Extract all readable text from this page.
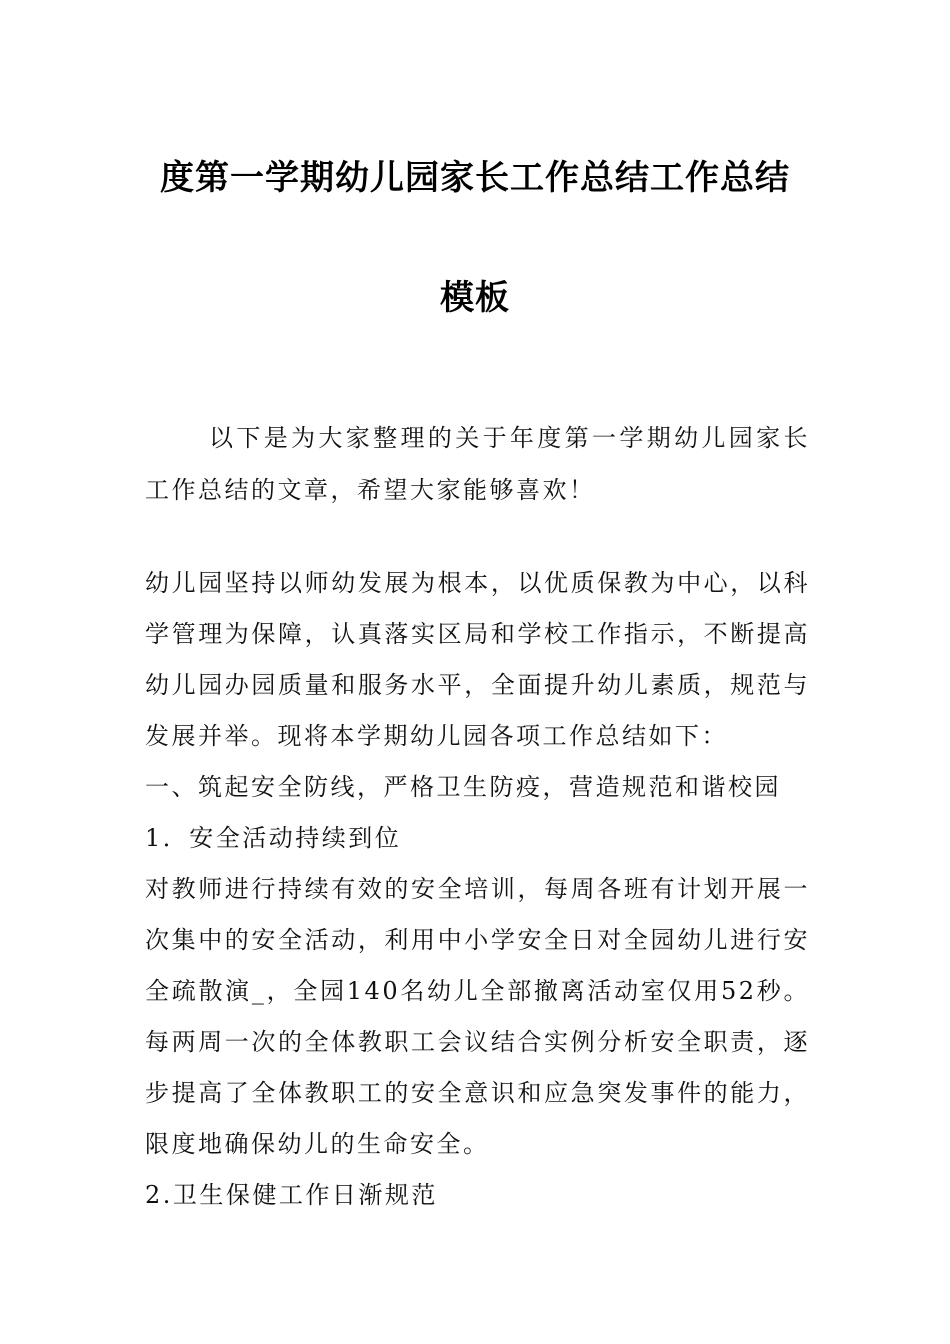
度第一学期幼儿园家长工作总结工作总结
模板
以下是为大家整理的关于年度第一学期幼儿园家长工作总结的文章，希望大家能够喜欢！

幼儿园坚持以师幼发展为根本，以优质保教为中心，以科学管理为保障，认真落实区局和学校工作指示，不断提高幼儿园办园质量和服务水平，全面提升幼儿素质，规范与发展并举。现将本学期幼儿园各项工作总结如下：

一、筑起安全防线，严格卫生防疫，营造规范和谐校园

1．安全活动持续到位

对教师进行持续有效的安全培训，每周各班有计划开展一次集中的安全活动，利用中小学安全日对全园幼儿进行安全疏散演_，全园140名幼儿全部撤离活动室仅用52秒。每两周一次的全体教职工会议结合实例分析安全职责，逐步提高了全体教职工的安全意识和应急突发事件的能力，限度地确保幼儿的生命安全。

2.卫生保健工作日渐规范
